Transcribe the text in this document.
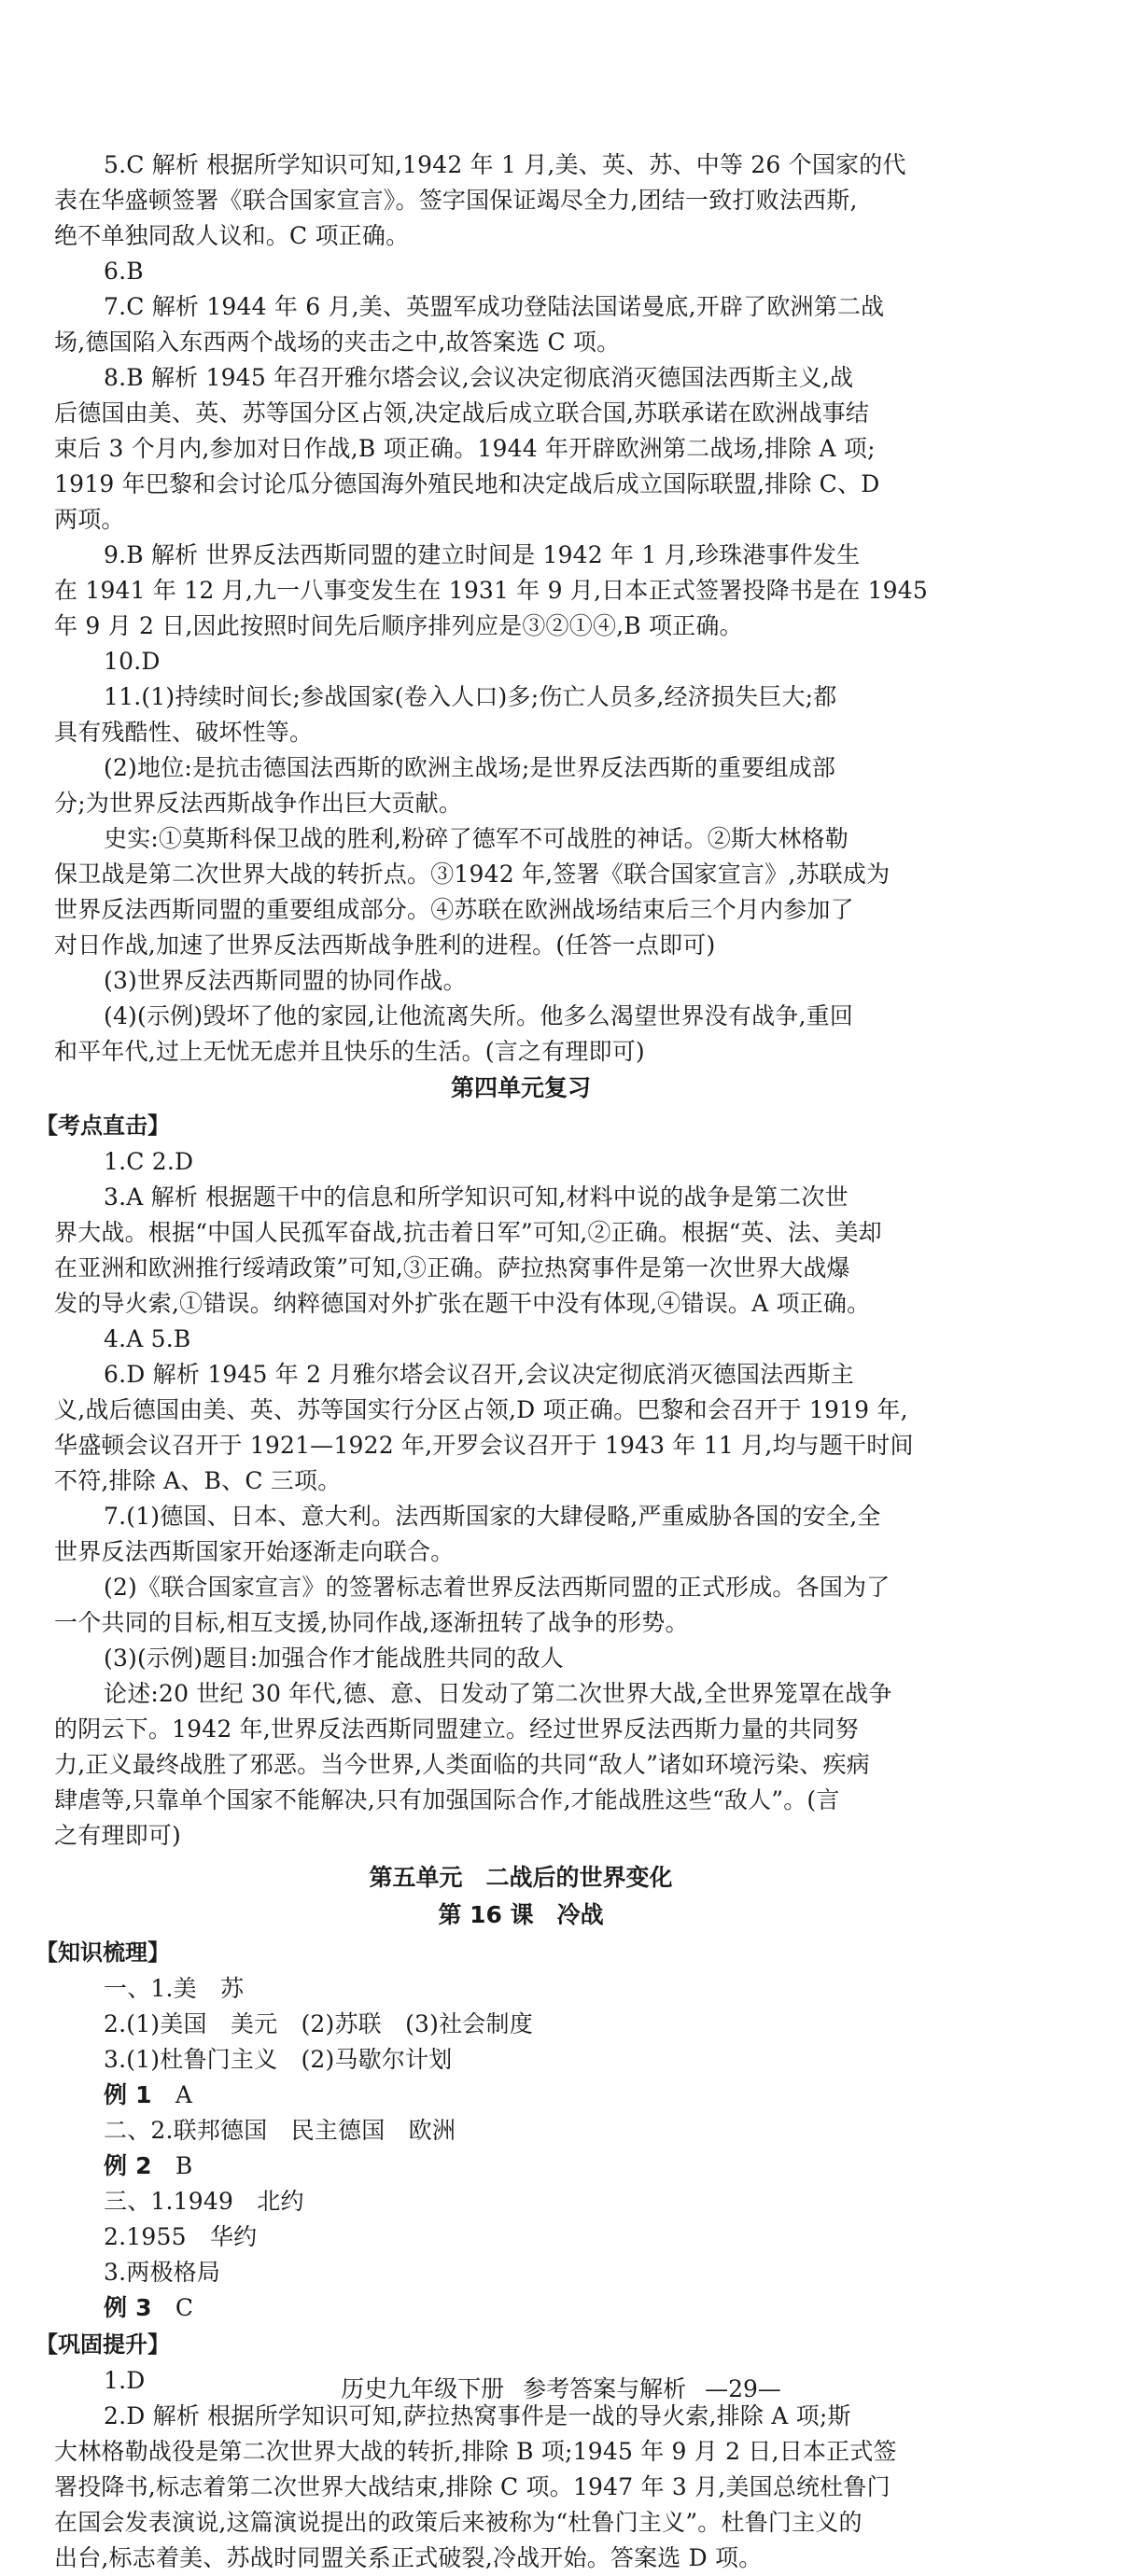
5.C 解析 根据所学知识可知,1942 年 1 月,美、英、苏、中等 26 个国家的代
表在华盛顿签署《联合国家宣言》。签字国保证竭尽全力,团结一致打败法西斯,
绝不单独同敌人议和。C 项正确。
6.B
7.C 解析 1944 年 6 月,美、英盟军成功登陆法国诺曼底,开辟了欧洲第二战
场,德国陷入东西两个战场的夹击之中,故答案选 C 项。
8.B 解析 1945 年召开雅尔塔会议,会议决定彻底消灭德国法西斯主义,战
后德国由美、英、苏等国分区占领,决定战后成立联合国,苏联承诺在欧洲战事结
束后 3 个月内,参加对日作战,B 项正确。1944 年开辟欧洲第二战场,排除 A 项;
1919 年巴黎和会讨论瓜分德国海外殖民地和决定战后成立国际联盟,排除 C、D
两项。
9.B 解析 世界反法西斯同盟的建立时间是 1942 年 1 月,珍珠港事件发生
在 1941 年 12 月,九一八事变发生在 1931 年 9 月,日本正式签署投降书是在 1945
年 9 月 2 日,因此按照时间先后顺序排列应是③②①④,B 项正确。
10.D
11.(1)持续时间长;参战国家(卷入人口)多;伤亡人员多,经济损失巨大;都
具有残酷性、破坏性等。
(2)地位:是抗击德国法西斯的欧洲主战场;是世界反法西斯的重要组成部
分;为世界反法西斯战争作出巨大贡献。
史实:①莫斯科保卫战的胜利,粉碎了德军不可战胜的神话。②斯大林格勒
保卫战是第二次世界大战的转折点。③1942 年,签署《联合国家宣言》,苏联成为
世界反法西斯同盟的重要组成部分。④苏联在欧洲战场结束后三个月内参加了
对日作战,加速了世界反法西斯战争胜利的进程。(任答一点即可)
(3)世界反法西斯同盟的协同作战。
(4)(示例)毁坏了他的家园,让他流离失所。他多么渴望世界没有战争,重回
和平年代,过上无忧无虑并且快乐的生活。(言之有理即可)
第四单元复习
【考点直击】
1.C 2.D
3.A 解析 根据题干中的信息和所学知识可知,材料中说的战争是第二次世
界大战。根据“中国人民孤军奋战,抗击着日军”可知,②正确。根据“英、法、美却
在亚洲和欧洲推行绥靖政策”可知,③正确。萨拉热窝事件是第一次世界大战爆
发的导火索,①错误。纳粹德国对外扩张在题干中没有体现,④错误。A 项正确。
4.A 5.B
6.D 解析 1945 年 2 月雅尔塔会议召开,会议决定彻底消灭德国法西斯主
义,战后德国由美、英、苏等国实行分区占领,D 项正确。巴黎和会召开于 1919 年,
华盛顿会议召开于 1921—1922 年,开罗会议召开于 1943 年 11 月,均与题干时间
不符,排除 A、B、C 三项。
7.(1)德国、日本、意大利。法西斯国家的大肆侵略,严重威胁各国的安全,全
世界反法西斯国家开始逐渐走向联合。
(2)《联合国家宣言》的签署标志着世界反法西斯同盟的正式形成。各国为了
一个共同的目标,相互支援,协同作战,逐渐扭转了战争的形势。
(3)(示例)题目:加强合作才能战胜共同的敌人
论述:20 世纪 30 年代,德、意、日发动了第二次世界大战,全世界笼罩在战争
的阴云下。1942 年,世界反法西斯同盟建立。经过世界反法西斯力量的共同努
力,正义最终战胜了邪恶。当今世界,人类面临的共同“敌人”诸如环境污染、疾病
肆虐等,只靠单个国家不能解决,只有加强国际合作,才能战胜这些“敌人”。(言
之有理即可)
第五单元　二战后的世界变化
第 16 课　冷战
【知识梳理】
一、1.美　苏
2.(1)美国　美元　(2)苏联　(3)社会制度
3.(1)杜鲁门主义　(2)马歇尔计划
例 1　A
二、2.联邦德国　民主德国　欧洲
例 2　B
三、1.1949　北约
2.1955　华约
3.两极格局
例 3　C
【巩固提升】
1.D
2.D 解析 根据所学知识可知,萨拉热窝事件是一战的导火索,排除 A 项;斯
大林格勒战役是第二次世界大战的转折,排除 B 项;1945 年 9 月 2 日,日本正式签
署投降书,标志着第二次世界大战结束,排除 C 项。1947 年 3 月,美国总统杜鲁门
在国会发表演说,这篇演说提出的政策后来被称为“杜鲁门主义”。杜鲁门主义的
出台,标志着美、苏战时同盟关系正式破裂,冷战开始。答案选 D 项。
历史九年级下册 参考答案与解析 —29—
